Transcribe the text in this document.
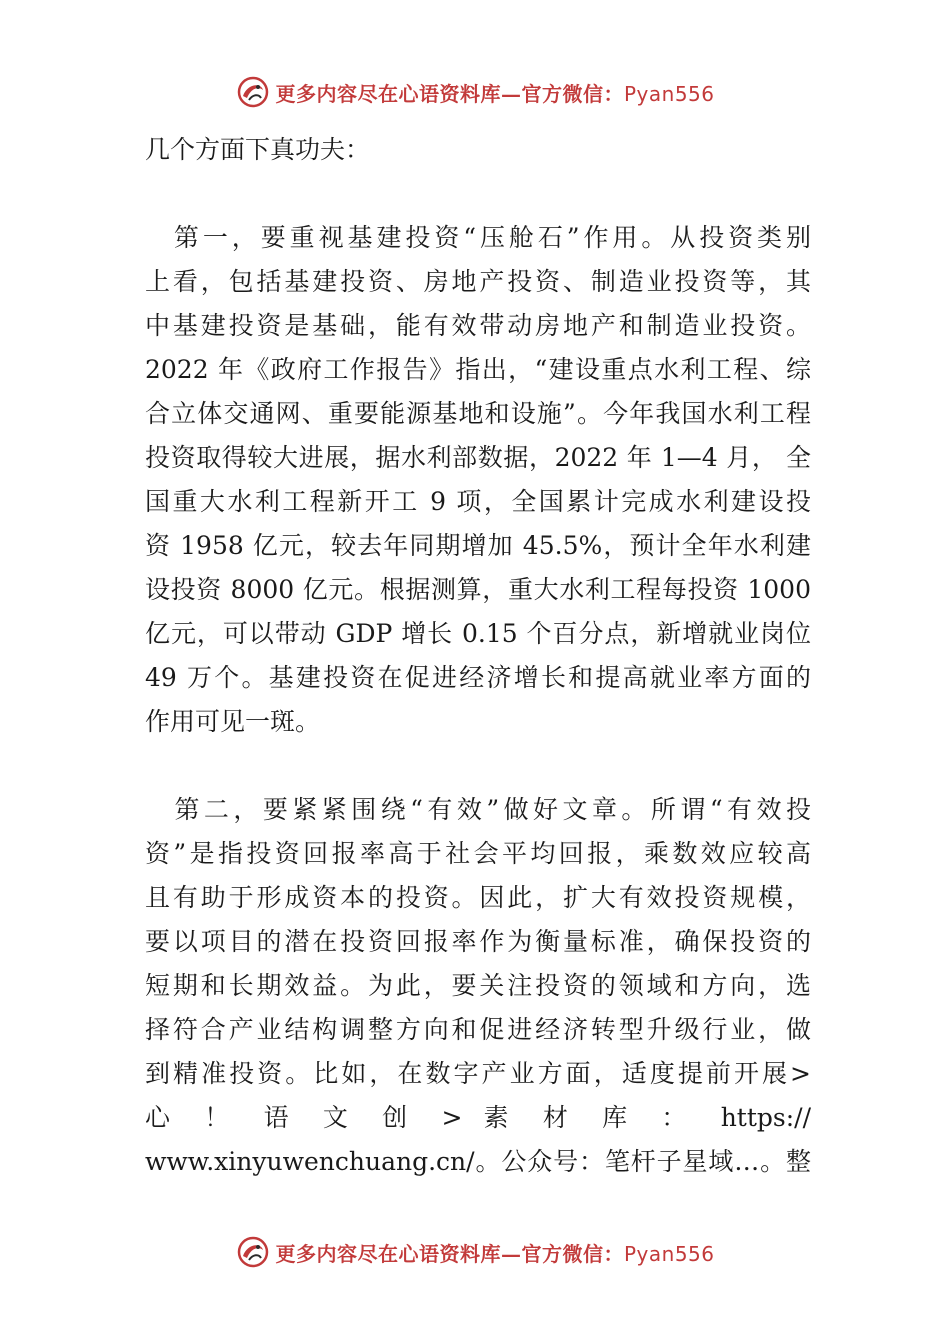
更多内容尽在心语资料库—官方微信：Pyan556
几个方面下真功夫：
　第一，要重视基建投资“压舱石”作用。从投资类别
上看，包括基建投资、房地产投资、制造业投资等，其
中基建投资是基础，能有效带动房地产和制造业投资。
2022 年《政府工作报告》指出，“建设重点水利工程、综
合立体交通网、重要能源基地和设施”。今年我国水利工程
投资取得较大进展，据水利部数据，2022 年 1—4 月， 全
国重大水利工程新开工 9 项，全国累计完成水利建设投
资 1958 亿元，较去年同期增加 45.5%，预计全年水利建
设投资 8000 亿元。根据测算，重大水利工程每投资 1000
亿元，可以带动 GDP 增长 0.15 个百分点，新增就业岗位
49 万个。基建投资在促进经济增长和提高就业率方面的
作用可见一斑。
　第二，要紧紧围绕“有效”做好文章。所谓“有效投
资”是指投资回报率高于社会平均回报，乘数效应较高
且有助于形成资本的投资。因此，扩大有效投资规模，
要以项目的潜在投资回报率作为衡量标准，确保投资的
短期和长期效益。为此，要关注投资的领域和方向，选
择符合产业结构调整方向和促进经济转型升级行业，做
到精准投资。比如，在数字产业方面，适度提前开展>
心 ！ 语 文 创 > 素 材 库 ： https://
www.xinyuwenchuang.cn/。公众号：笔杆子星域…。整
更多内容尽在心语资料库—官方微信：Pyan556
